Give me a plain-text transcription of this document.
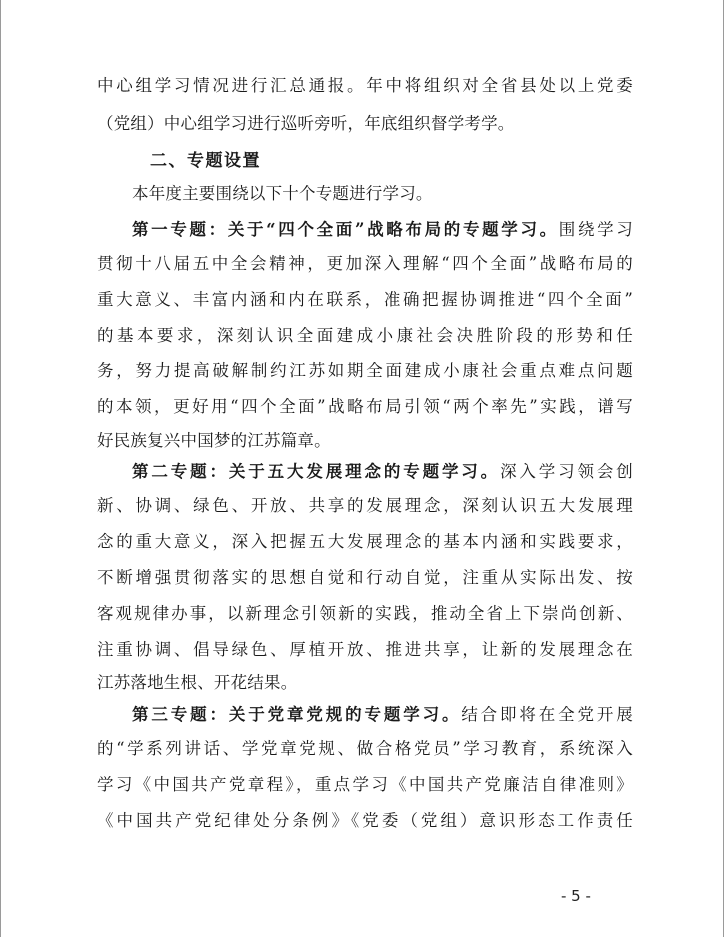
中心组学习情况进行汇总通报。年中将组织对全省县处以上党委
（党组）中心组学习进行巡听旁听，年底组织督学考学。
二、专题设置
本年度主要围绕以下十个专题进行学习。
第一专题：关于“四个全面”战略布局的专题学习。围绕学习
贯彻十八届五中全会精神，更加深入理解“四个全面”战略布局的
重大意义、丰富内涵和内在联系，准确把握协调推进“四个全面”
的基本要求，深刻认识全面建成小康社会决胜阶段的形势和任
务，努力提高破解制约江苏如期全面建成小康社会重点难点问题
的本领，更好用“四个全面”战略布局引领“两个率先”实践，谱写
好民族复兴中国梦的江苏篇章。
第二专题：关于五大发展理念的专题学习。深入学习领会创
新、协调、绿色、开放、共享的发展理念，深刻认识五大发展理
念的重大意义，深入把握五大发展理念的基本内涵和实践要求，
不断增强贯彻落实的思想自觉和行动自觉，注重从实际出发、按
客观规律办事，以新理念引领新的实践，推动全省上下崇尚创新、
注重协调、倡导绿色、厚植开放、推进共享，让新的发展理念在
江苏落地生根、开花结果。
第三专题：关于党章党规的专题学习。结合即将在全党开展
的“学系列讲话、学党章党规、做合格党员”学习教育，系统深入
学习《中国共产党章程》，重点学习《中国共产党廉洁自律准则》
《中国共产党纪律处分条例》《党委（党组）意识形态工作责任
- 5 -
